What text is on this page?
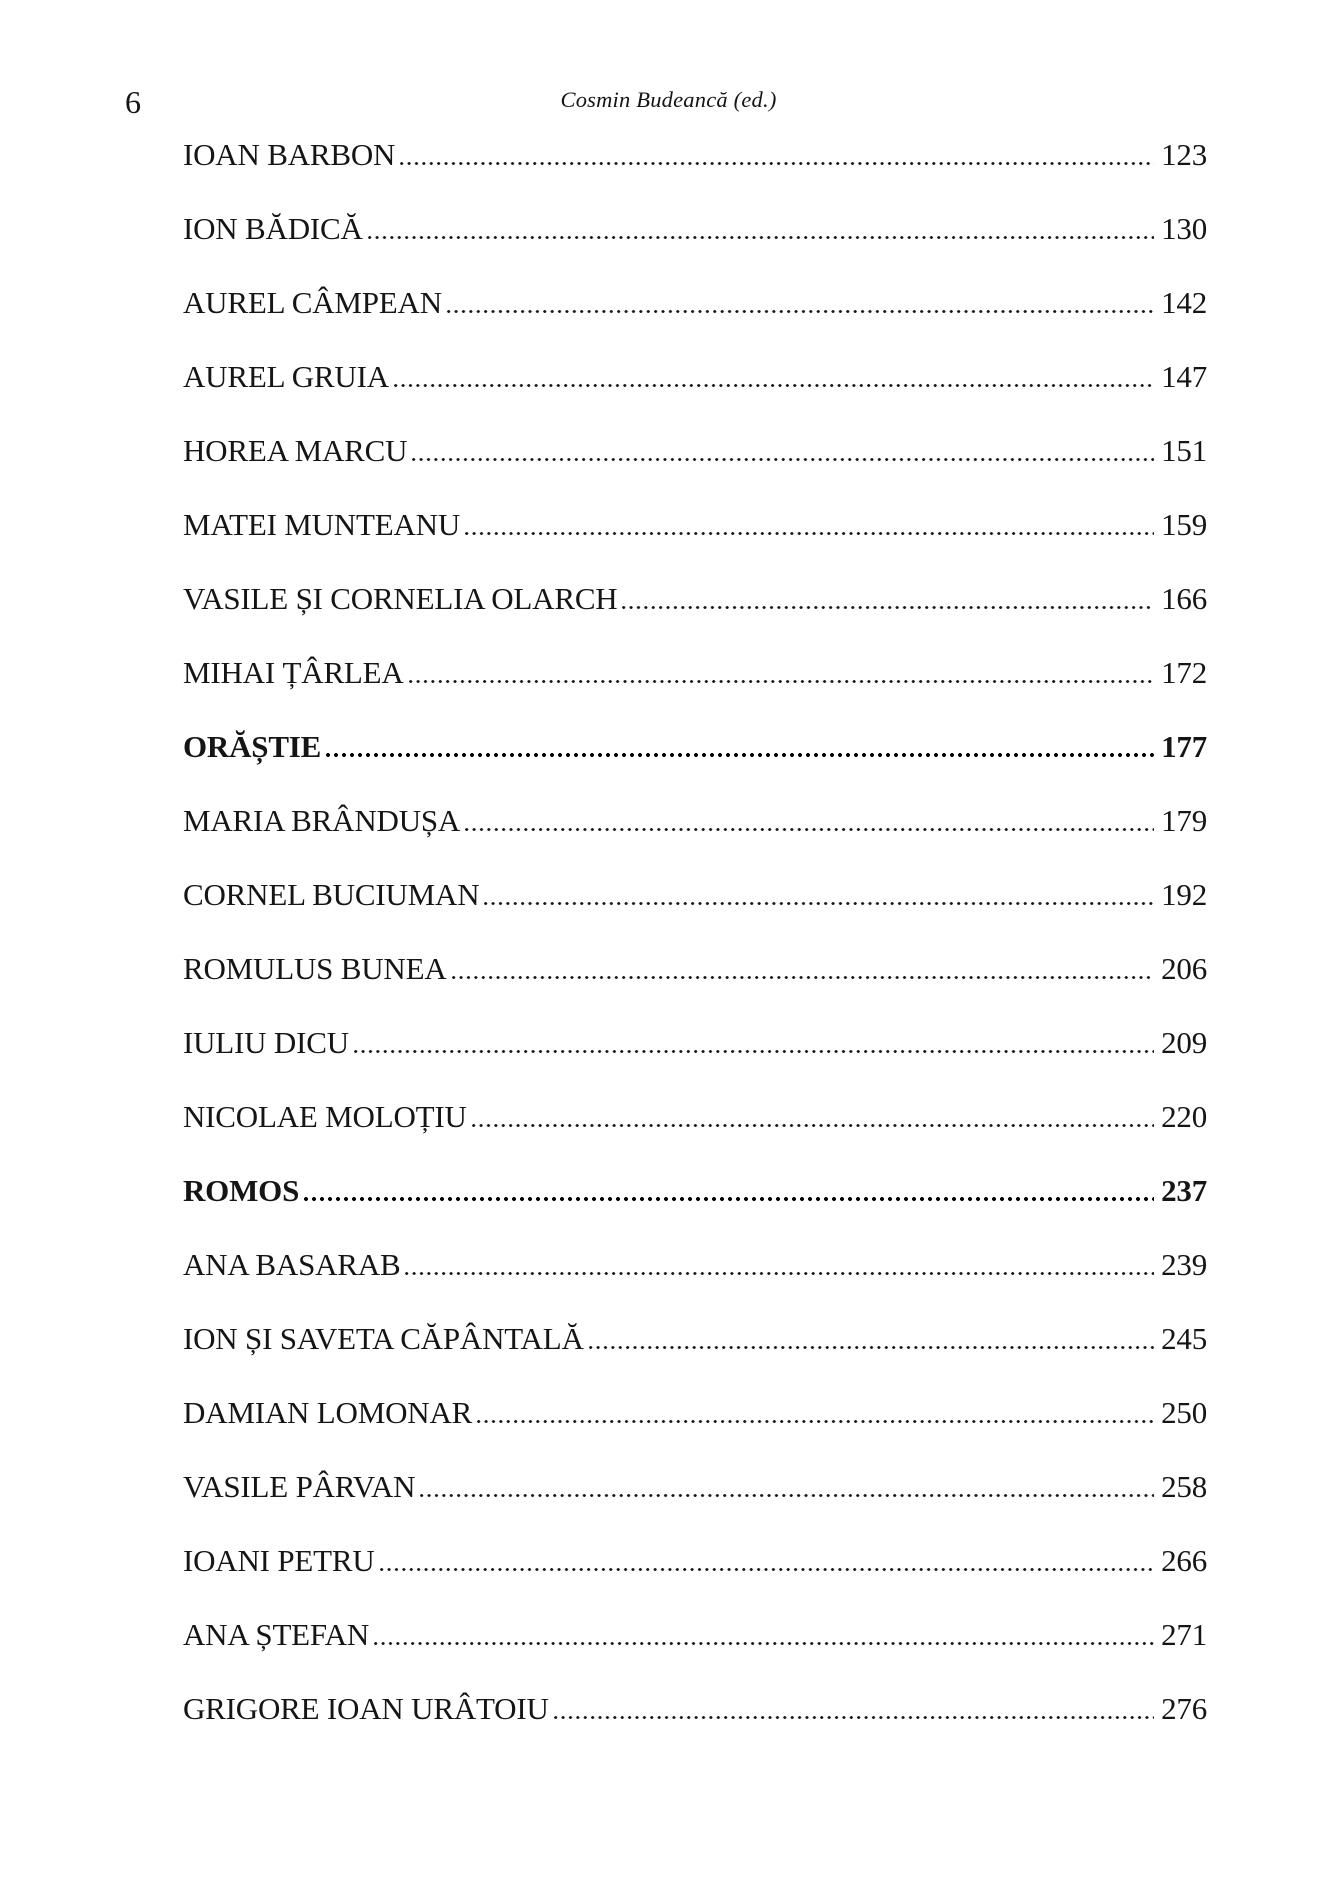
6	Cosmin Budeancă (ed.)
IOAN BARBON	123
ION BĂDICĂ	130
AUREL CÂMPEAN	142
AUREL GRUIA	147
HOREA MARCU	151
MATEI MUNTEANU	159
VASILE ȘI CORNELIA OLARCH	166
MIHAI ȚÂRLEA	172
ORĂȘTIE	177
MARIA BRÂNDUȘA	179
CORNEL BUCIUMAN	192
ROMULUS BUNEA	206
IULIU DICU	209
NICOLAE MOLOȚIU	220
ROMOS	237
ANA BASARAB	239
ION ȘI SAVETA CĂPÂNTALĂ	245
DAMIAN LOMONAR	250
VASILE PÂRVAN	258
IOANI PETRU	266
ANA ȘTEFAN	271
GRIGORE IOAN URÂTOIU	276
